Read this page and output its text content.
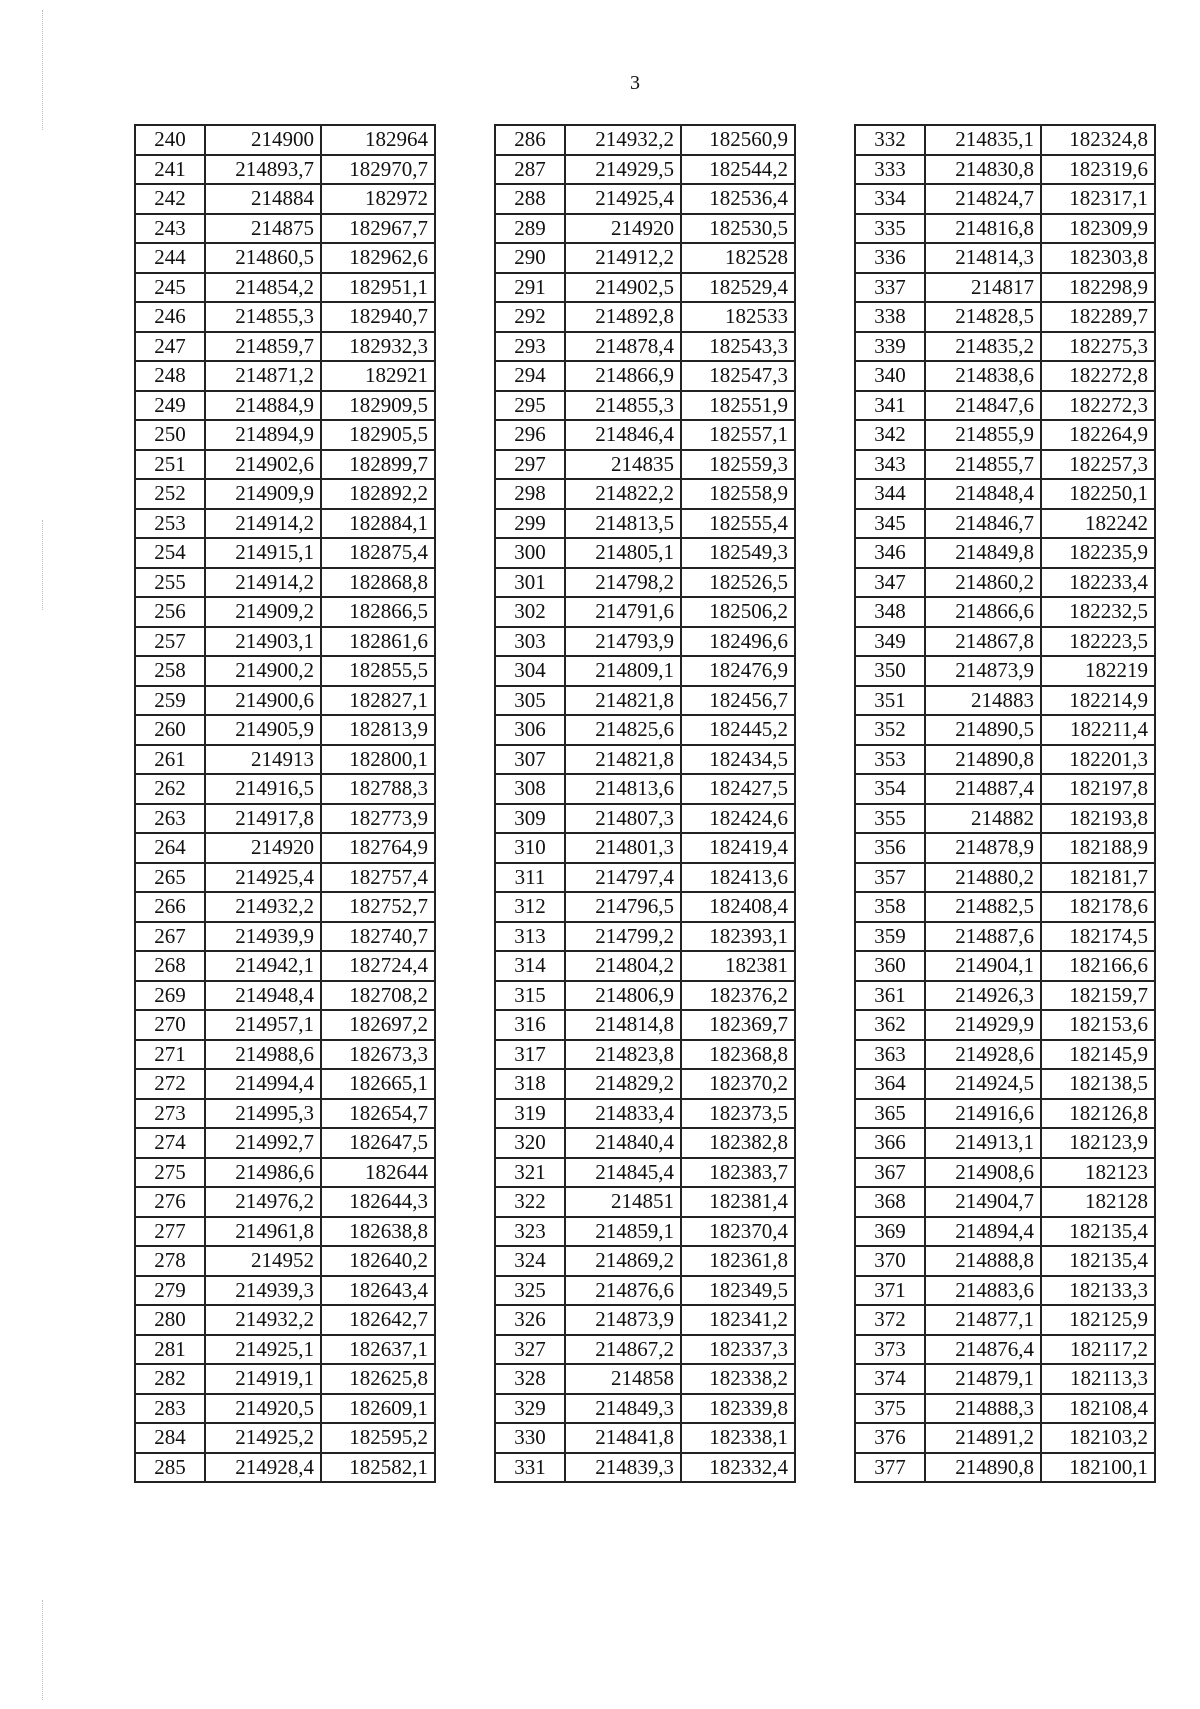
3
240	214900	182964
241	214893,7	182970,7
242	214884	182972
243	214875	182967,7
244	214860,5	182962,6
245	214854,2	182951,1
246	214855,3	182940,7
247	214859,7	182932,3
248	214871,2	182921
249	214884,9	182909,5
250	214894,9	182905,5
251	214902,6	182899,7
252	214909,9	182892,2
253	214914,2	182884,1
254	214915,1	182875,4
255	214914,2	182868,8
256	214909,2	182866,5
257	214903,1	182861,6
258	214900,2	182855,5
259	214900,6	182827,1
260	214905,9	182813,9
261	214913	182800,1
262	214916,5	182788,3
263	214917,8	182773,9
264	214920	182764,9
265	214925,4	182757,4
266	214932,2	182752,7
267	214939,9	182740,7
268	214942,1	182724,4
269	214948,4	182708,2
270	214957,1	182697,2
271	214988,6	182673,3
272	214994,4	182665,1
273	214995,3	182654,7
274	214992,7	182647,5
275	214986,6	182644
276	214976,2	182644,3
277	214961,8	182638,8
278	214952	182640,2
279	214939,3	182643,4
280	214932,2	182642,7
281	214925,1	182637,1
282	214919,1	182625,8
283	214920,5	182609,1
284	214925,2	182595,2
285	214928,4	182582,1
286	214932,2	182560,9
287	214929,5	182544,2
288	214925,4	182536,4
289	214920	182530,5
290	214912,2	182528
291	214902,5	182529,4
292	214892,8	182533
293	214878,4	182543,3
294	214866,9	182547,3
295	214855,3	182551,9
296	214846,4	182557,1
297	214835	182559,3
298	214822,2	182558,9
299	214813,5	182555,4
300	214805,1	182549,3
301	214798,2	182526,5
302	214791,6	182506,2
303	214793,9	182496,6
304	214809,1	182476,9
305	214821,8	182456,7
306	214825,6	182445,2
307	214821,8	182434,5
308	214813,6	182427,5
309	214807,3	182424,6
310	214801,3	182419,4
311	214797,4	182413,6
312	214796,5	182408,4
313	214799,2	182393,1
314	214804,2	182381
315	214806,9	182376,2
316	214814,8	182369,7
317	214823,8	182368,8
318	214829,2	182370,2
319	214833,4	182373,5
320	214840,4	182382,8
321	214845,4	182383,7
322	214851	182381,4
323	214859,1	182370,4
324	214869,2	182361,8
325	214876,6	182349,5
326	214873,9	182341,2
327	214867,2	182337,3
328	214858	182338,2
329	214849,3	182339,8
330	214841,8	182338,1
331	214839,3	182332,4
332	214835,1	182324,8
333	214830,8	182319,6
334	214824,7	182317,1
335	214816,8	182309,9
336	214814,3	182303,8
337	214817	182298,9
338	214828,5	182289,7
339	214835,2	182275,3
340	214838,6	182272,8
341	214847,6	182272,3
342	214855,9	182264,9
343	214855,7	182257,3
344	214848,4	182250,1
345	214846,7	182242
346	214849,8	182235,9
347	214860,2	182233,4
348	214866,6	182232,5
349	214867,8	182223,5
350	214873,9	182219
351	214883	182214,9
352	214890,5	182211,4
353	214890,8	182201,3
354	214887,4	182197,8
355	214882	182193,8
356	214878,9	182188,9
357	214880,2	182181,7
358	214882,5	182178,6
359	214887,6	182174,5
360	214904,1	182166,6
361	214926,3	182159,7
362	214929,9	182153,6
363	214928,6	182145,9
364	214924,5	182138,5
365	214916,6	182126,8
366	214913,1	182123,9
367	214908,6	182123
368	214904,7	182128
369	214894,4	182135,4
370	214888,8	182135,4
371	214883,6	182133,3
372	214877,1	182125,9
373	214876,4	182117,2
374	214879,1	182113,3
375	214888,3	182108,4
376	214891,2	182103,2
377	214890,8	182100,1
